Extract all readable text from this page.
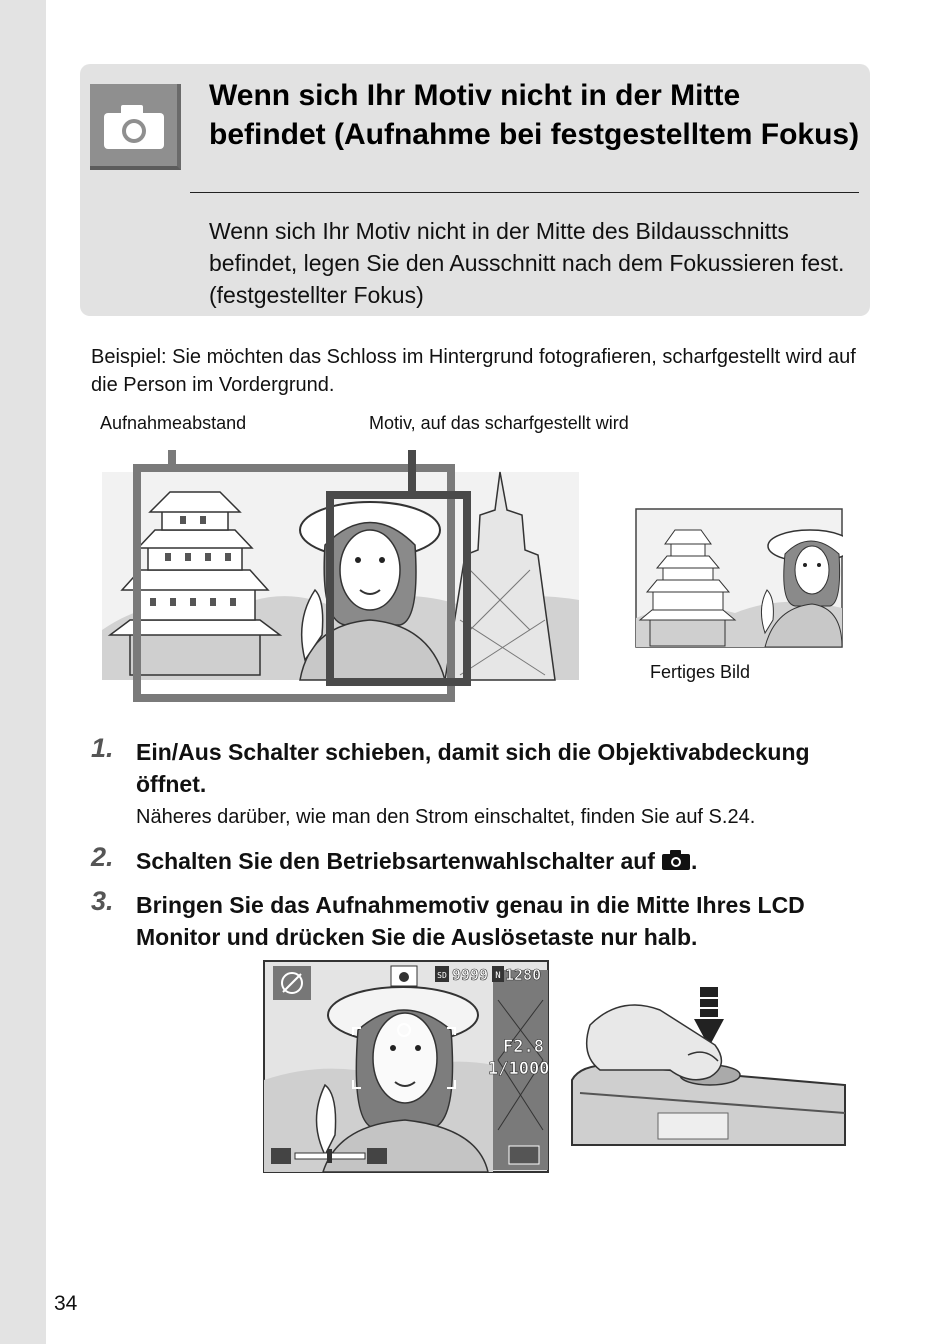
Wenn sich Ihr Motiv nicht in der Mitte befindet (Aufnahme bei festgestelltem Fokus)
Wenn sich Ihr Motiv nicht in der Mitte des Bildausschnitts befindet, legen Sie den Ausschnitt nach dem Fokussieren fest. (festgestellter Fokus)
Beispiel: Sie möchten das Schloss im Hintergrund fotografieren, scharfgestellt wird auf die Person im Vordergrund.
Aufnahmeabstand	Motiv, auf das scharfgestellt wird
Fertiges Bild
1. Ein/Aus Schalter schieben, damit sich die Objektivabdeckung öffnet.
Näheres darüber, wie man den Strom einschaltet, finden Sie auf S.24.
2. Schalten Sie den Betriebsartenwahlschalter auf .
3. Bringen Sie das Aufnahmemotiv genau in die Mitte Ihres LCD Monitor und drücken Sie die Auslösetaste nur halb.
SD 9999 N 1280
F2.8
1/1000
34
